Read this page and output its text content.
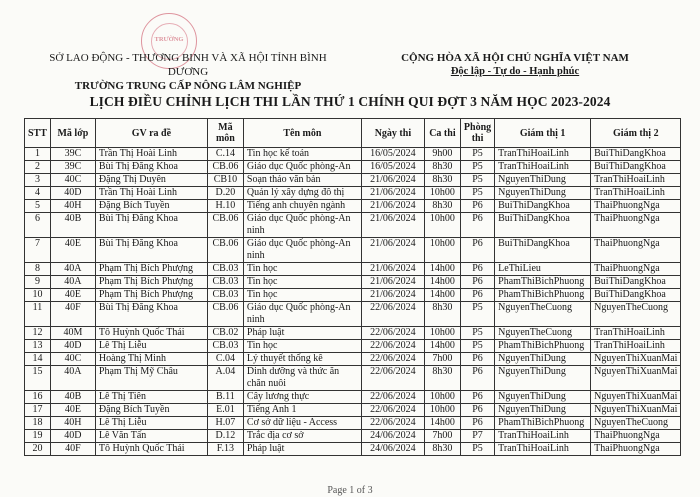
TRƯỜNG
SỞ LAO ĐỘNG - THƯƠNG BINH VÀ XÃ HỘI TỈNH BÌNH DƯƠNG
TRƯỜNG TRUNG CẤP NÔNG LÂM NGHIỆP
CỘNG HÒA XÃ HỘI CHỦ NGHĨA VIỆT NAM
Độc lập - Tự do - Hạnh phúc
LỊCH ĐIỀU CHỈNH LỊCH THI LẦN THỨ 1 CHÍNH QUI ĐỢT 3 NĂM HỌC 2023-2024
STT	Mã lớp	GV ra đề	Mã môn	Tên môn	Ngày thi	Ca thi	Phòng thi	Giám thị 1	Giám thị 2
1	39C	Trần Thị Hoài Linh	C.14	Tin học kế toán	16/05/2024	9h00	P5	TranThiHoaiLinh	BuiThiDangKhoa
2	39C	Bùi Thị Đăng Khoa	CB.06	Giáo dục Quốc phòng-An	16/05/2024	8h30	P5	TranThiHoaiLinh	BuiThiDangKhoa
3	40C	Đặng Thị Duyên	CB10	Soạn thảo văn bản	21/06/2024	8h30	P5	NguyenThiDung	TranThiHoaiLinh
4	40D	Trần Thị Hoài Linh	D.20	Quản lý xây dựng đô thị	21/06/2024	10h00	P5	NguyenThiDung	TranThiHoaiLinh
5	40H	Đặng Bích Tuyền	H.10	Tiếng anh chuyên ngành	21/06/2024	8h30	P6	BuiThiDangKhoa	ThaiPhuongNga
6	40B	Bùi Thị Đăng Khoa	CB.06	Giáo dục Quốc phòng-An ninh	21/06/2024	10h00	P6	BuiThiDangKhoa	ThaiPhuongNga
7	40E	Bùi Thị Đăng Khoa	CB.06	Giáo dục Quốc phòng-An ninh	21/06/2024	10h00	P6	BuiThiDangKhoa	ThaiPhuongNga
8	40A	Phạm Thị Bích Phượng	CB.03	Tin học	21/06/2024	14h00	P6	LeThiLieu	ThaiPhuongNga
9	40A	Phạm Thị Bích Phượng	CB.03	Tin học	21/06/2024	14h00	P6	PhamThiBichPhuong	BuiThiDangKhoa
10	40E	Phạm Thị Bích Phượng	CB.03	Tin học	21/06/2024	14h00	P6	PhamThiBichPhuong	BuiThiDangKhoa
11	40F	Bùi Thị Đăng Khoa	CB.06	Giáo dục Quốc phòng-An ninh	22/06/2024	8h30	P5	NguyenTheCuong	NguyenTheCuong
12	40M	Tô Huỳnh Quốc Thái	CB.02	Pháp luật	22/06/2024	10h00	P5	NguyenTheCuong	TranThiHoaiLinh
13	40D	Lê Thị Liễu	CB.03	Tin học	22/06/2024	14h00	P5	PhamThiBichPhuong	TranThiHoaiLinh
14	40C	Hoàng Thị Minh	C.04	Lý thuyết thống kê	22/06/2024	7h00	P6	NguyenThiDung	NguyenThiXuanMai
15	40A	Phạm Thị Mỹ Châu	A.04	Dinh dưỡng và thức ăn chăn nuôi	22/06/2024	8h30	P6	NguyenThiDung	NguyenThiXuanMai
16	40B	Lê Thị Tiên	B.11	Cây lương thực	22/06/2024	10h00	P6	NguyenThiDung	NguyenThiXuanMai
17	40E	Đặng Bích Tuyền	E.01	Tiếng Anh 1	22/06/2024	10h00	P6	NguyenThiDung	NguyenThiXuanMai
18	40H	Lê Thị Liễu	H.07	Cơ sở dữ liệu - Access	22/06/2024	14h00	P6	PhamThiBichPhuong	NguyenTheCuong
19	40D	Lê Văn Tấn	D.12	Trắc địa cơ sở	24/06/2024	7h00	P7	TranThiHoaiLinh	ThaiPhuongNga
20	40F	Tô Huỳnh Quốc Thái	F.13	Pháp luật	24/06/2024	8h30	P5	TranThiHoaiLinh	ThaiPhuongNga
Page 1 of 3
